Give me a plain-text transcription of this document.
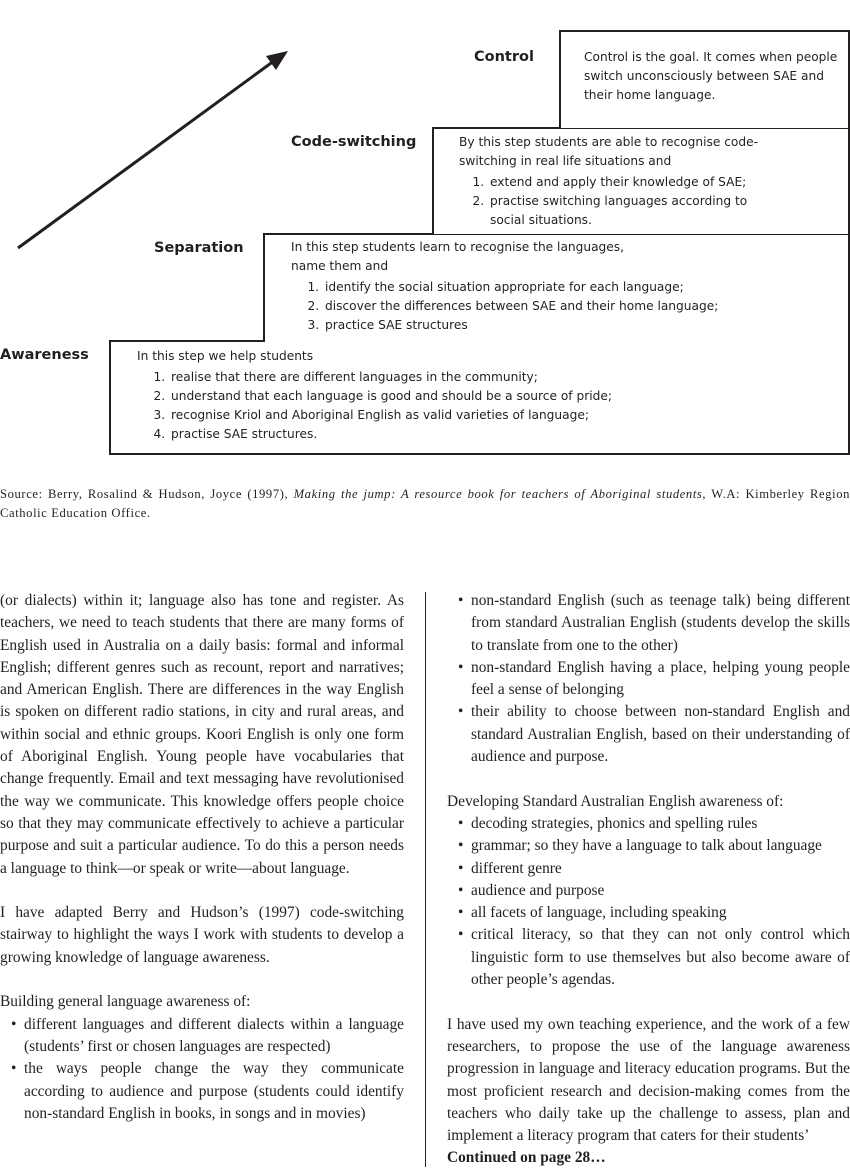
Awareness	In this step we help students

1. realise that there are different languages in the community;
2. understand that each language is good and should be a source of pride;
3. recognise Kriol and Aboriginal English as valid varieties of language;
4. practise SAE structures.
Separation	In this step students learn to recognise the languages, name them and

1. identify the social situation appropriate for each language;
2. discover the differences between SAE and their home language;
3. practice SAE structures
Code-switching	By this step students are able to recognise code-switching in real life situations and

1. extend and apply their knowledge of SAE;
2. practise switching languages according to social situations.
Control	Control is the goal. It comes when people switch unconsciously between SAE and their home language.

Source: Berry, Rosalind & Hudson, Joyce (1997), Making the jump: A resource book for teachers of Aboriginal students, W.A: Kimberley Region Catholic Education Office.

(or dialects) within it; language also has tone and register. As teachers, we need to teach students that there are many forms of English used in Australia on a daily basis: formal and informal English; different genres such as recount, report and narratives; and American English. There are differences in the way English is spoken on different radio stations, in city and rural areas, and within social and ethnic groups. Koori English is only one form of Aboriginal English. Young people have vocabularies that change frequently. Email and text messaging have revolutionised the way we communicate. This knowledge offers people choice so that they may communicate effectively to achieve a particular purpose and suit a particular audience. To do this a person needs a language to think—or speak or write—about language.

I have adapted Berry and Hudson’s (1997) code-switching stairway to highlight the ways I work with students to develop a growing knowledge of language awareness.

Building general language awareness of:

• different languages and different dialects within a language (students’ first or chosen languages are respected)
• the ways people change the way they communicate according to audience and purpose (students could identify non-standard English in books, in songs and in movies)
• non-standard English (such as teenage talk) being different from standard Australian English (students develop the skills to translate from one to the other)
• non-standard English having a place, helping young people feel a sense of belonging
• their ability to choose between non-standard English and standard Australian English, based on their understanding of audience and purpose.

Developing Standard Australian English awareness of:

• decoding strategies, phonics and spelling rules
• grammar; so they have a language to talk about language
• different genre
• audience and purpose
• all facets of language, including speaking
• critical literacy, so that they can not only control which linguistic form to use themselves but also become aware of other people’s agendas.

I have used my own teaching experience, and the work of a few researchers, to propose the use of the language awareness progression in language and literacy education programs. But the most proficient research and decision-making comes from the teachers who daily take up the challenge to assess, plan and implement a literacy program that caters for their students’

Continued on page 28…
